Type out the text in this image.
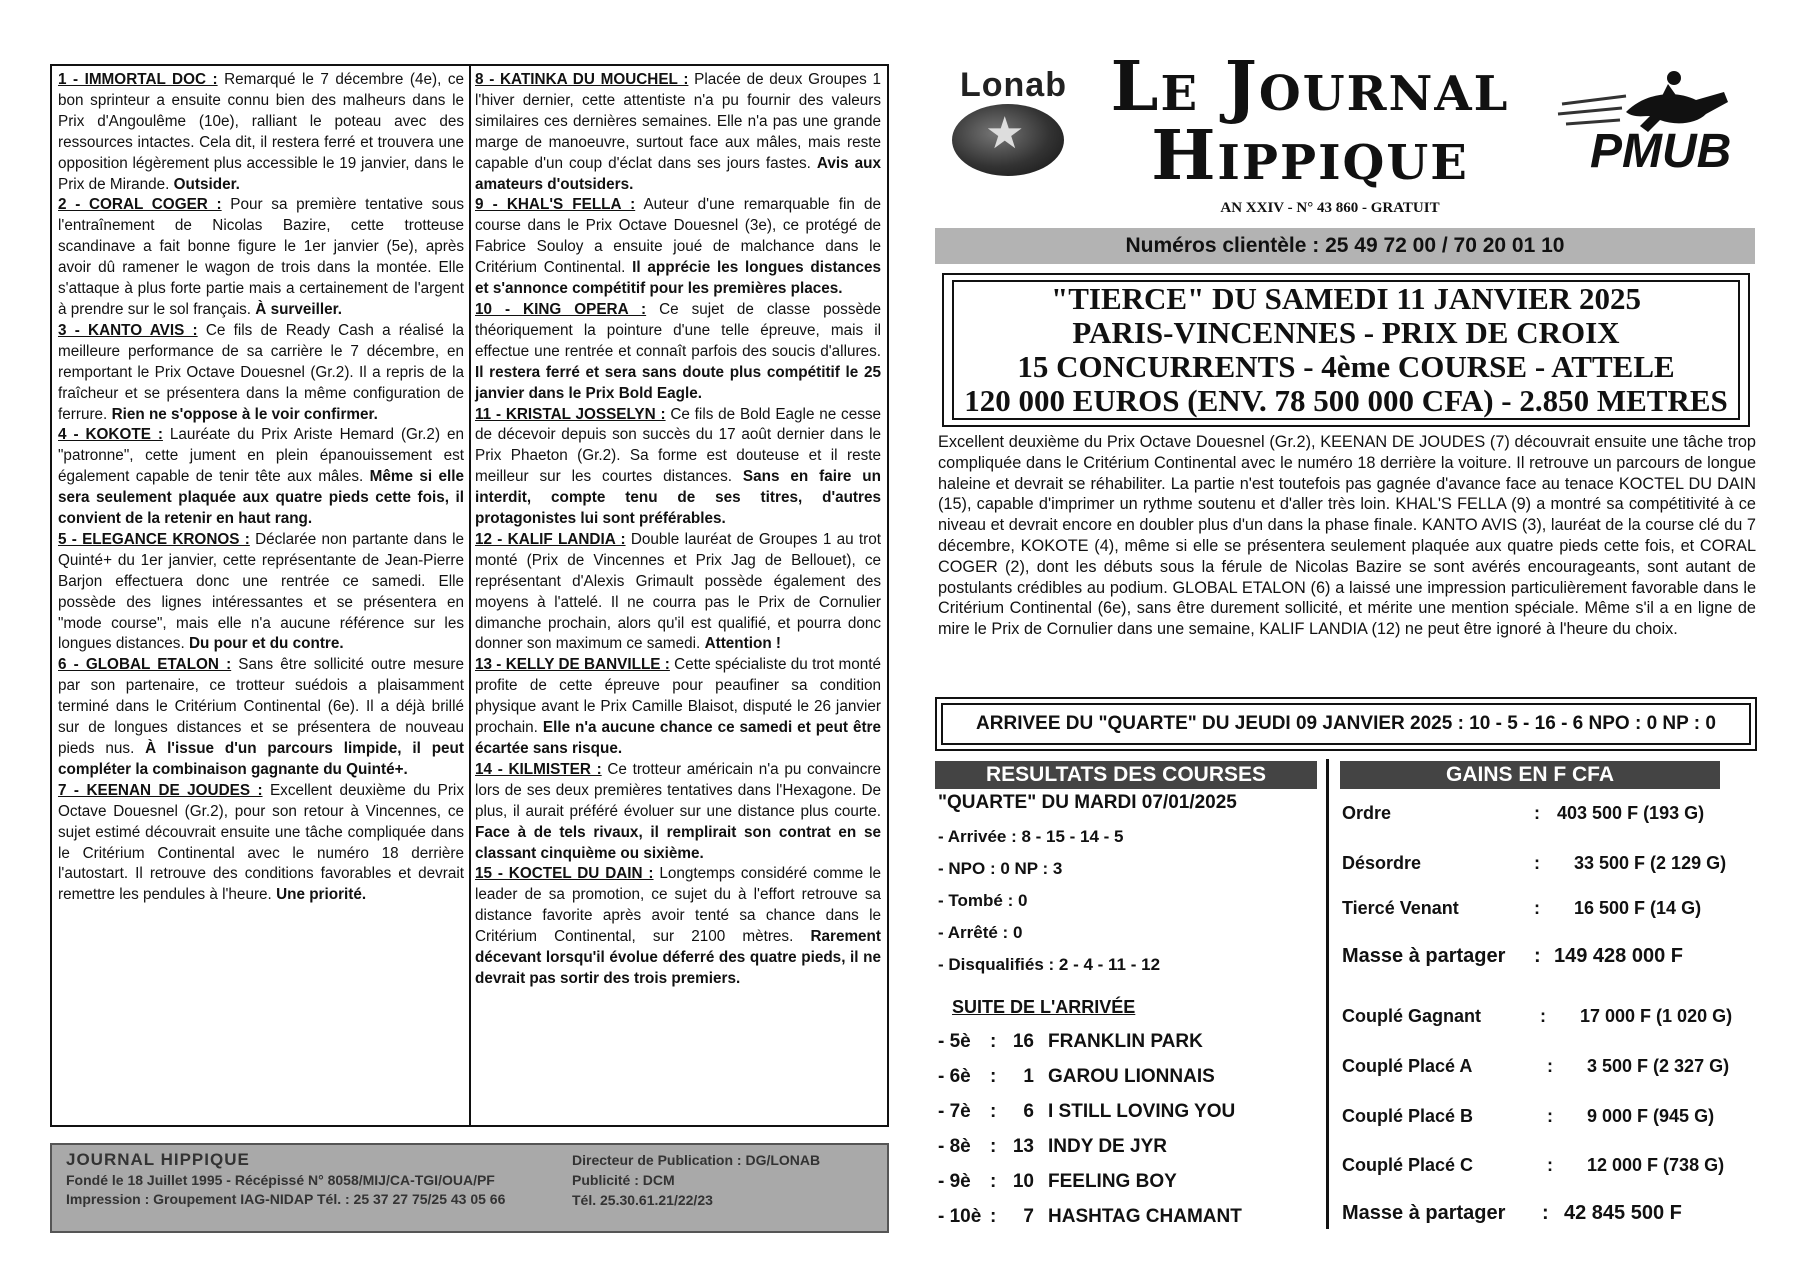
1 - IMMORTAL DOC : Remarqué le 7 décembre (4e), ce bon sprinteur a ensuite connu bien des malheurs dans le Prix d'Angoulême (10e), ralliant le poteau avec des ressources intactes. Cela dit, il restera ferré et trouvera une opposition légèrement plus accessible le 19 janvier, dans le Prix de Mirande. Outsider.

2 - CORAL COGER : Pour sa première tentative sous l'entraînement de Nicolas Bazire, cette trotteuse scandinave a fait bonne figure le 1er janvier (5e), après avoir dû ramener le wagon de trois dans la montée. Elle s'attaque à plus forte partie mais a certainement de l'argent à prendre sur le sol français. À surveiller.

3 - KANTO AVIS : Ce fils de Ready Cash a réalisé la meilleure performance de sa carrière le 7 décembre, en remportant le Prix Octave Douesnel (Gr.2). Il a repris de la fraîcheur et se présentera dans la même configuration de ferrure. Rien ne s'oppose à le voir confirmer.

4 - KOKOTE : Lauréate du Prix Ariste Hemard (Gr.2) en "patronne", cette jument en plein épanouissement est également capable de tenir tête aux mâles. Même si elle sera seulement plaquée aux quatre pieds cette fois, il convient de la retenir en haut rang.

5 - ELEGANCE KRONOS : Déclarée non partante dans le Quinté+ du 1er janvier, cette représentante de Jean-Pierre Barjon effectuera donc une rentrée ce samedi. Elle possède des lignes intéressantes et se présentera en "mode course", mais elle n'a aucune référence sur les longues distances. Du pour et du contre.

6 - GLOBAL ETALON : Sans être sollicité outre mesure par son partenaire, ce trotteur suédois a plaisamment terminé dans le Critérium Continental (6e). Il a déjà brillé sur de longues distances et se présentera de nouveau pieds nus. À l'issue d'un parcours limpide, il peut compléter la combinaison gagnante du Quinté+.

7 - KEENAN DE JOUDES : Excellent deuxième du Prix Octave Douesnel (Gr.2), pour son retour à Vincennes, ce sujet estimé découvrait ensuite une tâche compliquée dans le Critérium Continental avec le numéro 18 derrière l'autostart. Il retrouve des conditions favorables et devrait remettre les pendules à l'heure. Une priorité.

8 - KATINKA DU MOUCHEL : Placée de deux Groupes 1 l'hiver dernier, cette attentiste n'a pu fournir des valeurs similaires ces dernières semaines. Elle n'a pas une grande marge de manoeuvre, surtout face aux mâles, mais reste capable d'un coup d'éclat dans ses jours fastes. Avis aux amateurs d'outsiders.

9 - KHAL'S FELLA : Auteur d'une remarquable fin de course dans le Prix Octave Douesnel (3e), ce protégé de Fabrice Souloy a ensuite joué de malchance dans le Critérium Continental. Il apprécie les longues distances et s'annonce compétitif pour les premières places.

10 - KING OPERA : Ce sujet de classe possède théoriquement la pointure d'une telle épreuve, mais il effectue une rentrée et connaît parfois des soucis d'allures. Il restera ferré et sera sans doute plus compétitif le 25 janvier dans le Prix Bold Eagle.

11 - KRISTAL JOSSELYN : Ce fils de Bold Eagle ne cesse de décevoir depuis son succès du 17 août dernier dans le Prix Phaeton (Gr.2). Sa forme est douteuse et il reste meilleur sur les courtes distances. Sans en faire un interdit, compte tenu de ses titres, d'autres protagonistes lui sont préférables.

12 - KALIF LANDIA : Double lauréat de Groupes 1 au trot monté (Prix de Vincennes et Prix Jag de Bellouet), ce représentant d'Alexis Grimault possède également des moyens à l'attelé. Il ne courra pas le Prix de Cornulier dimanche prochain, alors qu'il est qualifié, et pourra donc donner son maximum ce samedi. Attention !

13 - KELLY DE BANVILLE : Cette spécialiste du trot monté profite de cette épreuve pour peaufiner sa condition physique avant le Prix Camille Blaisot, disputé le 26 janvier prochain. Elle n'a aucune chance ce samedi et peut être écartée sans risque.

14 - KILMISTER : Ce trotteur américain n'a pu convaincre lors de ses deux premières tentatives dans l'Hexagone. De plus, il aurait préféré évoluer sur une distance plus courte. Face à de tels rivaux, il remplirait son contrat en se classant cinquième ou sixième.

15 - KOCTEL DU DAIN : Longtemps considéré comme le leader de sa promotion, ce sujet du à l'effort retrouve sa distance favorite après avoir tenté sa chance dans le Critérium Continental, sur 2100 mètres. Rarement décevant lorsqu'il évolue déferré des quatre pieds, il ne devrait pas sortir des trois premiers.

JOURNAL HIPPIQUE
Fondé le 18 Juillet 1995 - Récépissé N° 8058/MIJ/CA-TGI/OUA/PF
Impression : Groupement IAG-NIDAP Tél. : 25 37 27 75/25 43 05 66
Directeur de Publication : DG/LONAB
Publicité : DCM
Tél. 25.30.61.21/22/23
★
Lonab Le Journal
Hippique
AN XXIV - N° 43 860 - GRATUIT
PMUB
Numéros clientèle : 25 49 72 00 / 70 20 01 10
"TIERCE" DU SAMEDI 11 JANVIER 2025
PARIS-VINCENNES - PRIX DE CROIX
15 CONCURRENTS - 4ème COURSE - ATTELE
120 000 EUROS (ENV. 78 500 000 CFA) - 2.850 METRES
Excellent deuxième du Prix Octave Douesnel (Gr.2), KEENAN DE JOUDES (7) découvrait ensuite une tâche trop compliquée dans le Critérium Continental avec le numéro 18 derrière la voiture. Il retrouve un parcours de longue haleine et devrait se réhabiliter. La partie n'est toutefois pas gagnée d'avance face au tenace KOCTEL DU DAIN (15), capable d'imprimer un rythme soutenu et d'aller très loin. KHAL'S FELLA (9) a montré sa compétitivité à ce niveau et devrait encore en doubler plus d'un dans la phase finale. KANTO AVIS (3), lauréat de la course clé du 7 décembre, KOKOTE (4), même si elle se présentera seulement plaquée aux quatre pieds cette fois, et CORAL COGER (2), dont les débuts sous la férule de Nicolas Bazire se sont avérés encourageants, sont autant de postulants crédibles au podium. GLOBAL ETALON (6) a laissé une impression particulièrement favorable dans le Critérium Continental (6e), sans être durement sollicité, et mérite une mention spéciale. Même s'il a en ligne de mire le Prix de Cornulier dans une semaine, KALIF LANDIA (12) ne peut être ignoré à l'heure du choix.
ARRIVEE DU "QUARTE" DU JEUDI 09 JANVIER 2025 : 10 - 5 - 16 - 6 NPO : 0 NP : 0
RESULTATS DES COURSES	GAINS EN F CFA
"QUARTE" DU MARDI 07/01/2025
- Arrivée : 8 - 15 - 14 - 5
- NPO : 0 NP : 3
- Tombé : 0
- Arrêté : 0
- Disqualifiés : 2 - 4 - 11 - 12
SUITE DE L'ARRIVÉE
- 5è : 16 FRANKLIN PARK
- 6è :	1 GAROU LIONNAIS
- 7è :	6 I STILL LOVING YOU
- 8è : 13 INDY DE JYR
- 9è : 10 FEELING BOY
- 10è :	7 HASHTAG CHAMANT
Ordre	: 403 500 F (193 G)
Désordre	: 33 500 F (2 129 G)
Tiercé Venant	: 16 500 F (14 G)
Masse à partager : 149 428 000 F
Couplé Gagnant	: 17 000 F (1 020 G)
Couplé Placé A	: 3 500 F (2 327 G)
Couplé Placé B	: 9 000 F (945 G)
Couplé Placé C	: 12 000 F (738 G)
Masse à partager : 42 845 500 F
